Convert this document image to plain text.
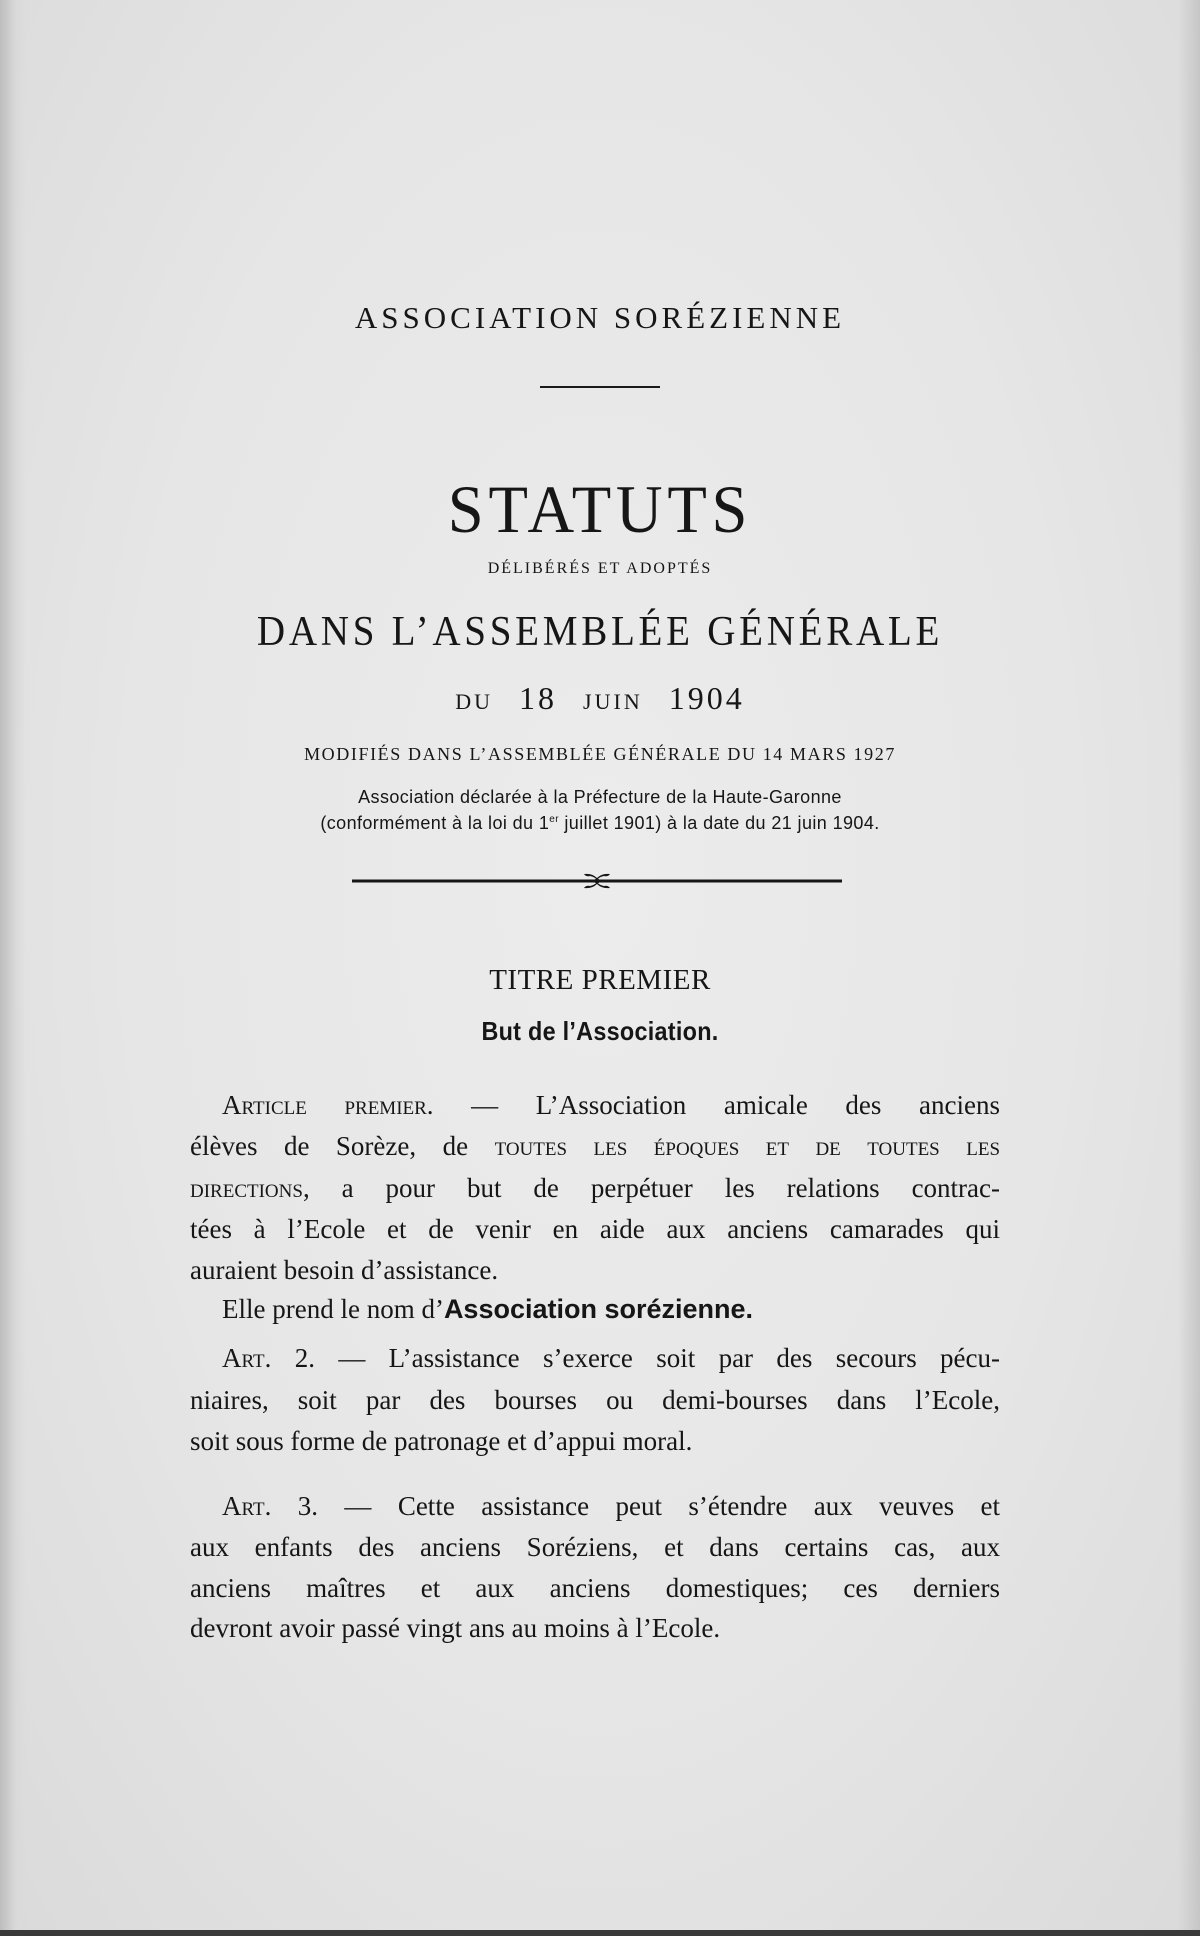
ASSOCIATION SORÉZIENNE
STATUTS
DÉLIBÉRÉS ET ADOPTÉS
DANS L’ASSEMBLÉE GÉNÉRALE
DU 18 JUIN 1904
MODIFIÉS DANS L’ASSEMBLÉE GÉNÉRALE DU 14 MARS 1927
Association déclarée à la Préfecture de la Haute-Garonne
(conformément à la loi du 1er juillet 1901) à la date du 21 juin 1904.
TITRE PREMIER
But de l’Association.
Article premier. — L’Association amicale des anciens
élèves de Sorèze, de toutes les époques et de toutes les
directions, a pour but de perpétuer les relations contrac-
tées à l’Ecole et de venir en aide aux anciens camarades qui
auraient besoin d’assistance.
Elle prend le nom d’Association sorézienne.
Art. 2. — L’assistance s’exerce soit par des secours pécu-
niaires, soit par des bourses ou demi-bourses dans l’Ecole,
soit sous forme de patronage et d’appui moral.
Art. 3. — Cette assistance peut s’étendre aux veuves et
aux enfants des anciens Soréziens, et dans certains cas, aux
anciens maîtres et aux anciens domestiques; ces derniers
devront avoir passé vingt ans au moins à l’Ecole.
